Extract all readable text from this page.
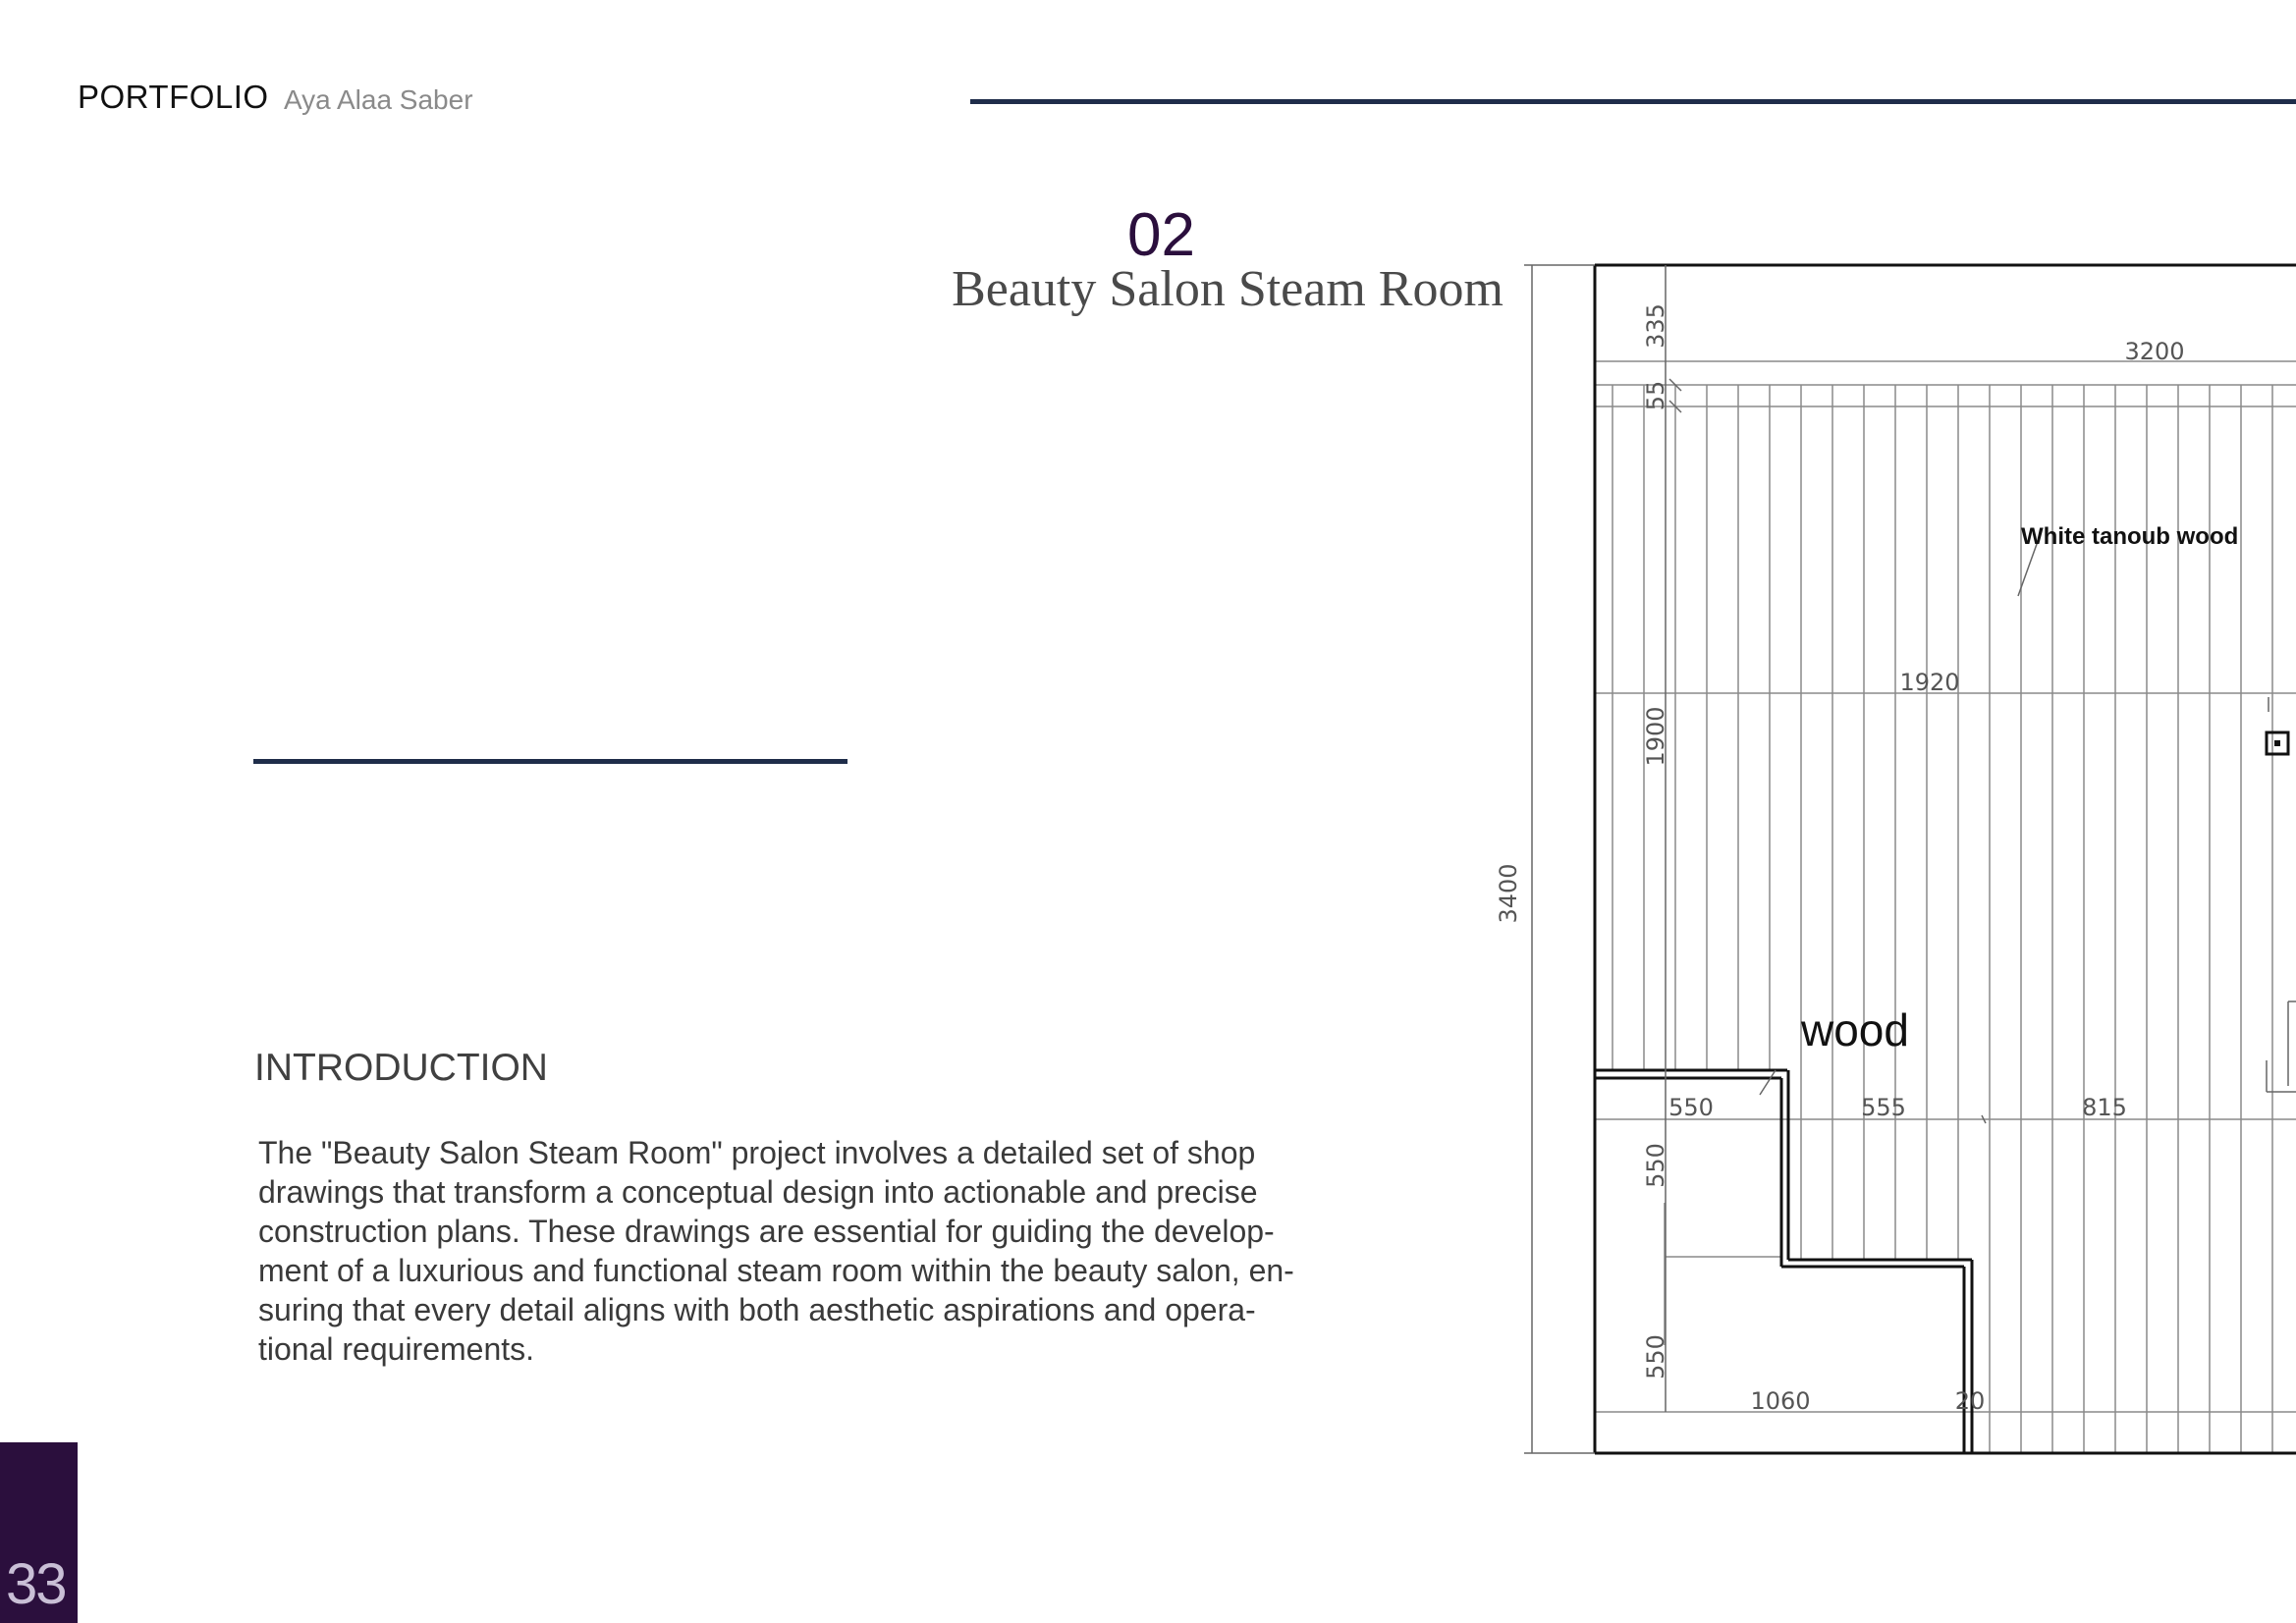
PORTFOLIO Aya Alaa Saber
02
Beauty Salon Steam Room
INTRODUCTION
The "Beauty Salon Steam Room" project involves a detailed set of shop
drawings that transform a conceptual design into actionable and precise
construction plans. These drawings are essential for guiding the develop-
ment of a luxurious and functional steam room within the beauty salon, en-
suring that every detail aligns with both aesthetic aspirations and opera-
tional requirements.
3400
3200
335
55
1900
1920
550	555	815
550
550
1060	20
White tanoub wood
wood
33
